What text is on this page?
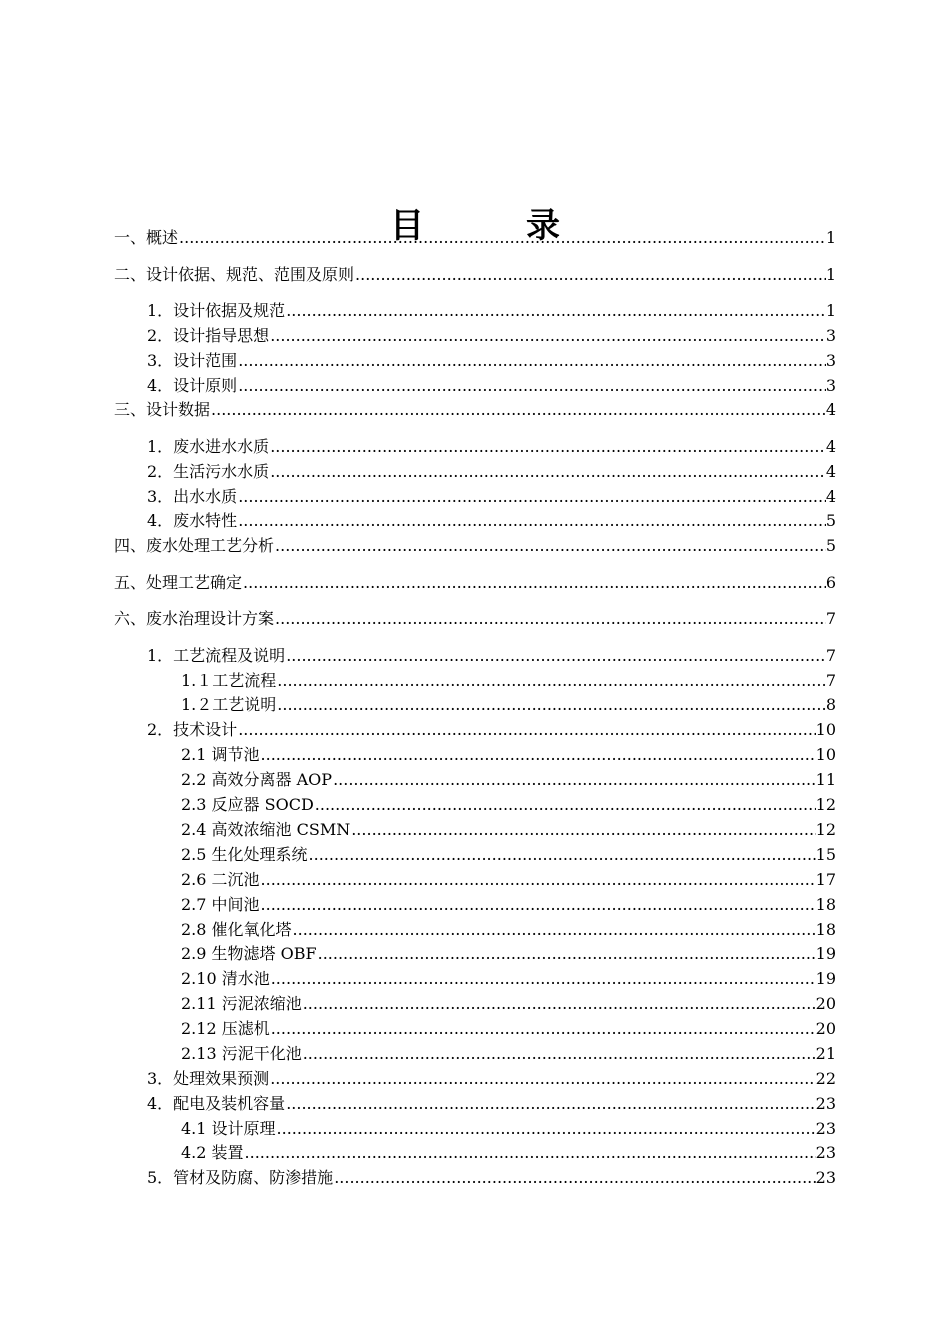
目　录
一、概述 .....	1
二、设计依据、规范、范围及原则 .....	1
1．设计依据及规范 .....	1
2．设计指导思想 .....	3
3．设计范围 .....	3
4．设计原则 .....	3
三、设计数据 .....	4
1．废水进水水质 .....	4
2．生活污水水质 .....	4
3．出水水质 .....	4
4．废水特性 .....	5
四、废水处理工艺分析 .....	5
五、处理工艺确定 .....	6
六、废水治理设计方案 .....	7
1．工艺流程及说明 .....	7
1.１工艺流程 .....	7
1.２工艺说明 .....	8
2．技术设计 .....	10
2.1 调节池 .....	10
2.2 高效分离器 AOP .....	11
2.3 反应器 SOCD .....	12
2.4 高效浓缩池 CSMN .....	12
2.5 生化处理系统 .....	15
2.6 二沉池 .....	17
2.7 中间池 .....	18
2.8 催化氧化塔 .....	18
2.9 生物滤塔 OBF .....	19
2.10 清水池 .....	19
2.11 污泥浓缩池 .....	20
2.12 压滤机 .....	20
2.13 污泥干化池 .....	21
3．处理效果预测 .....	22
4．配电及装机容量 .....	23
4.1 设计原理 .....	23
4.2 装置 .....	23
5．管材及防腐、防渗措施 .....	23
